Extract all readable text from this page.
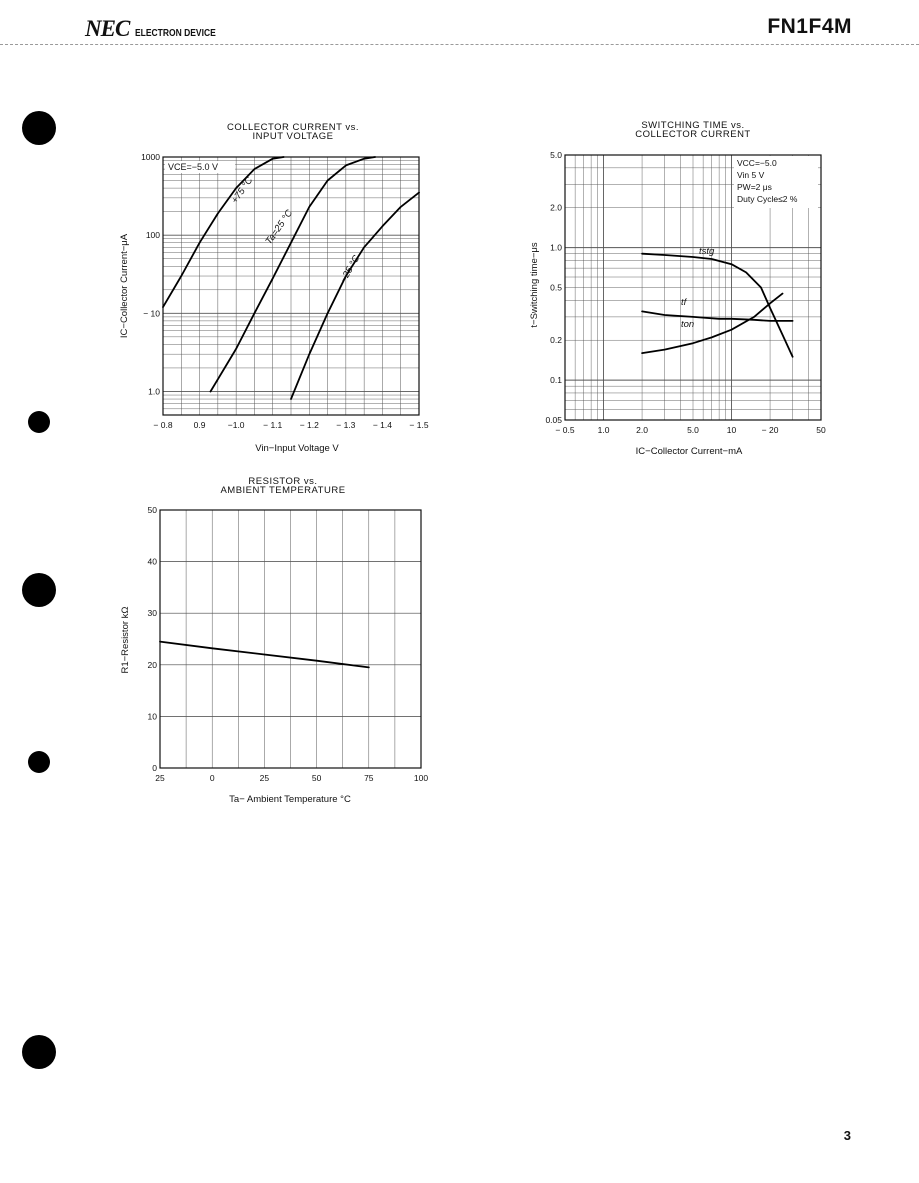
NEC ELECTRON DEVICE	FN1F4M
− 0.8 0.9	−1.0 − 1.1 − 1.2 − 1.3 − 1.4 − 1.5
1000
100
− 10
1.0
COLLECTOR CURRENT vs.
INPUT VOLTAGE
Vin−Input Voltage V
IC−Collector Current−μA
VCE=−5.0 V
+75 °C
Ta=25 °C
−25 °C
− 0.5	1.0	2.0	5.0	10	− 20	50
5.0
2.0
1.0
0.5
0.2
0.1
0.05
SWITCHING TIME vs.
COLLECTOR CURRENT
IC−Collector Current−mA
t−Switching time−μs
VCC=−5.0
Vin 5 V
PW=2 μs
Duty Cycle≤2 %
tstg
tf
ton
25	0	25	50	75	100
0
10
20
30
40
50
RESISTOR vs.
AMBIENT TEMPERATURE
Ta− Ambient Temperature °C
R1−Resistor kΩ
3
